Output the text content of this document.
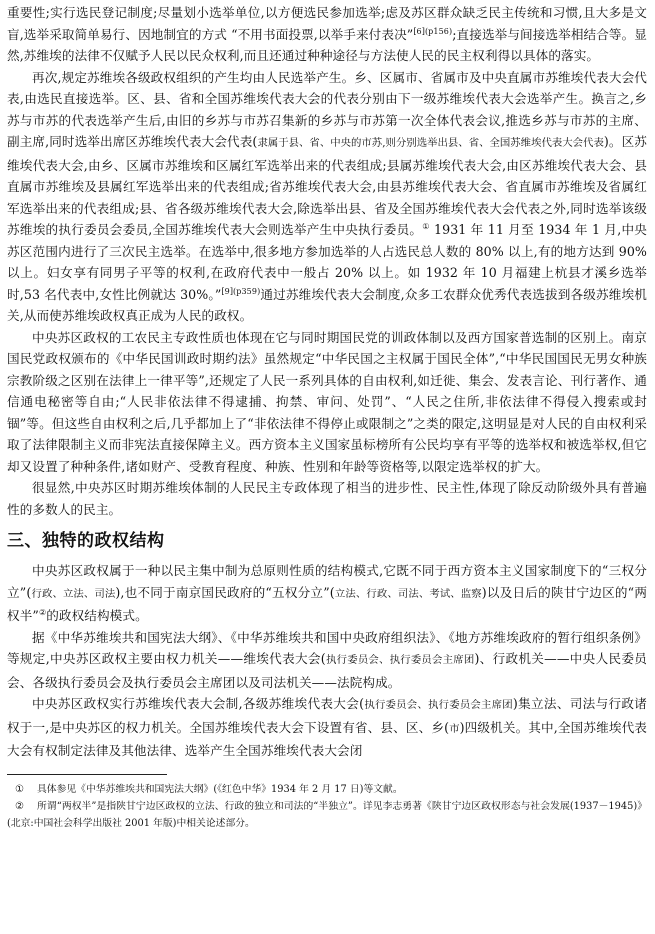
重要性;实行选民登记制度;尽量划小选举单位,以方便选民参加选举;虑及苏区群众缺乏民主传统和习惯,且大多是文盲,选举采取简单易行、因地制宜的方式 “不用书面投票,以举手来付表决”$^{[6](p156)}$;直接选举与间接选举相结合等。显然,苏维埃的法律不仅赋予人民以民众权利,而且还通过种种途径与方法使人民的民主权利得以具体的落实。

再次,规定苏维埃各级政权组织的产生均由人民选举产生。乡、区属市、省属市及中央直属市苏维埃代表大会代表,由选民直接选举。区、县、省和全国苏维埃代表大会的代表分别由下一级苏维埃代表大会选举产生。换言之,乡苏与市苏的代表选举产生后,由旧的乡苏与市苏召集新的乡苏与市苏第一次全体代表会议,推选乡苏与市苏的主席、副主席,同时选举出席区苏维埃代表大会代表(隶属于县、省、中央的市苏,则分别选举出县、省、全国苏维埃代表大会代表)。区苏维埃代表大会,由乡、区属市苏维埃和区属红军选举出来的代表组成;县属苏维埃代表大会,由区苏维埃代表大会、县直属市苏维埃及县属红军选举出来的代表组成;省苏维埃代表大会,由县苏维埃代表大会、省直属市苏维埃及省属红军选举出来的代表组成;县、省各级苏维埃代表大会,除选举出县、省及全国苏维埃代表大会代表之外,同时选举该级苏维埃的执行委员会委员,全国苏维埃代表大会则选举产生中央执行委员。① 1931 年 11 月至 1934 年 1 月,中央苏区范围内进行了三次民主选举。在选举中,很多地方参加选举的人占选民总人数的 80% 以上,有的地方达到 90% 以上。妇女享有同男子平等的权利,在政府代表中一般占 20% 以上。如 1932 年 10 月福建上杭县才溪乡选举时,53 名代表中,女性比例就达 30%。”$^{[9](p359)}$通过苏维埃代表大会制度,众多工农群众优秀代表选拔到各级苏维埃机关,从而使苏维埃政权真正成为人民的政权。

中央苏区政权的工农民主专政性质也体现在它与同时期国民党的训政体制以及西方国家普选制的区别上。南京国民党政权颁布的《中华民国训政时期约法》虽然规定“中华民国之主权属于国民全体”,“中华民国国民无男女种族宗教阶级之区别在法律上一律平等”,还规定了人民一系列具体的自由权利,如迁徙、集会、发表言论、刊行著作、通信通电秘密等自由;“人民非依法律不得逮捕、拘禁、审问、处罚”、“人民之住所,非依法律不得侵入搜索或封锢”等。但这些自由权利之后,几乎都加上了“非依法律不得停止或限制之”之类的限定,这明显是对人民的自由权利采取了法律限制主义而非宪法直接保障主义。西方资本主义国家虽标榜所有公民均享有平等的选举权和被选举权,但它却又设置了种种条件,诸如财产、受教育程度、种族、性别和年龄等资格等,以限定选举权的扩大。

很显然,中央苏区时期苏维埃体制的人民民主专政体现了相当的进步性、民主性,体现了除反动阶级外具有普遍性的多数人的民主。

三、独特的政权结构

中央苏区政权属于一种以民主集中制为总原则性质的结构模式,它既不同于西方资本主义国家制度下的“三权分立”(行政、立法、司法),也不同于南京国民政府的“五权分立”(立法、行政、司法、考试、监察)以及日后的陕甘宁边区的“两权半”②的政权结构模式。

据《中华苏维埃共和国宪法大纲》、《中华苏维埃共和国中央政府组织法》、《地方苏维埃政府的暂行组织条例》等规定,中央苏区政权主要由权力机关——维埃代表大会(执行委员会、执行委员会主席团)、行政机关——中央人民委员会、各级执行委员会及执行委员会主席团以及司法机关——法院构成。

中央苏区政权实行苏维埃代表大会制,各级苏维埃代表大会(执行委员会、执行委员会主席团)集立法、司法与行政诸权于一,是中央苏区的权力机关。全国苏维埃代表大会下设置有省、县、区、乡(市)四级机关。其中,全国苏维埃代表大会有权制定法律及其他法律、选举产生全国苏维埃代表大会闭

① 具体参见《中华苏维埃共和国宪法大纲》(《红色中华》1934 年 2 月 17 日)等文献。

② 所谓“两权半”是指陕甘宁边区政权的立法、行政的独立和司法的“半独立”。详见李志勇著《陕甘宁边区政权形态与社会发展(1937－1945)》(北京:中国社会科学出版社 2001 年版)中相关论述部分。
